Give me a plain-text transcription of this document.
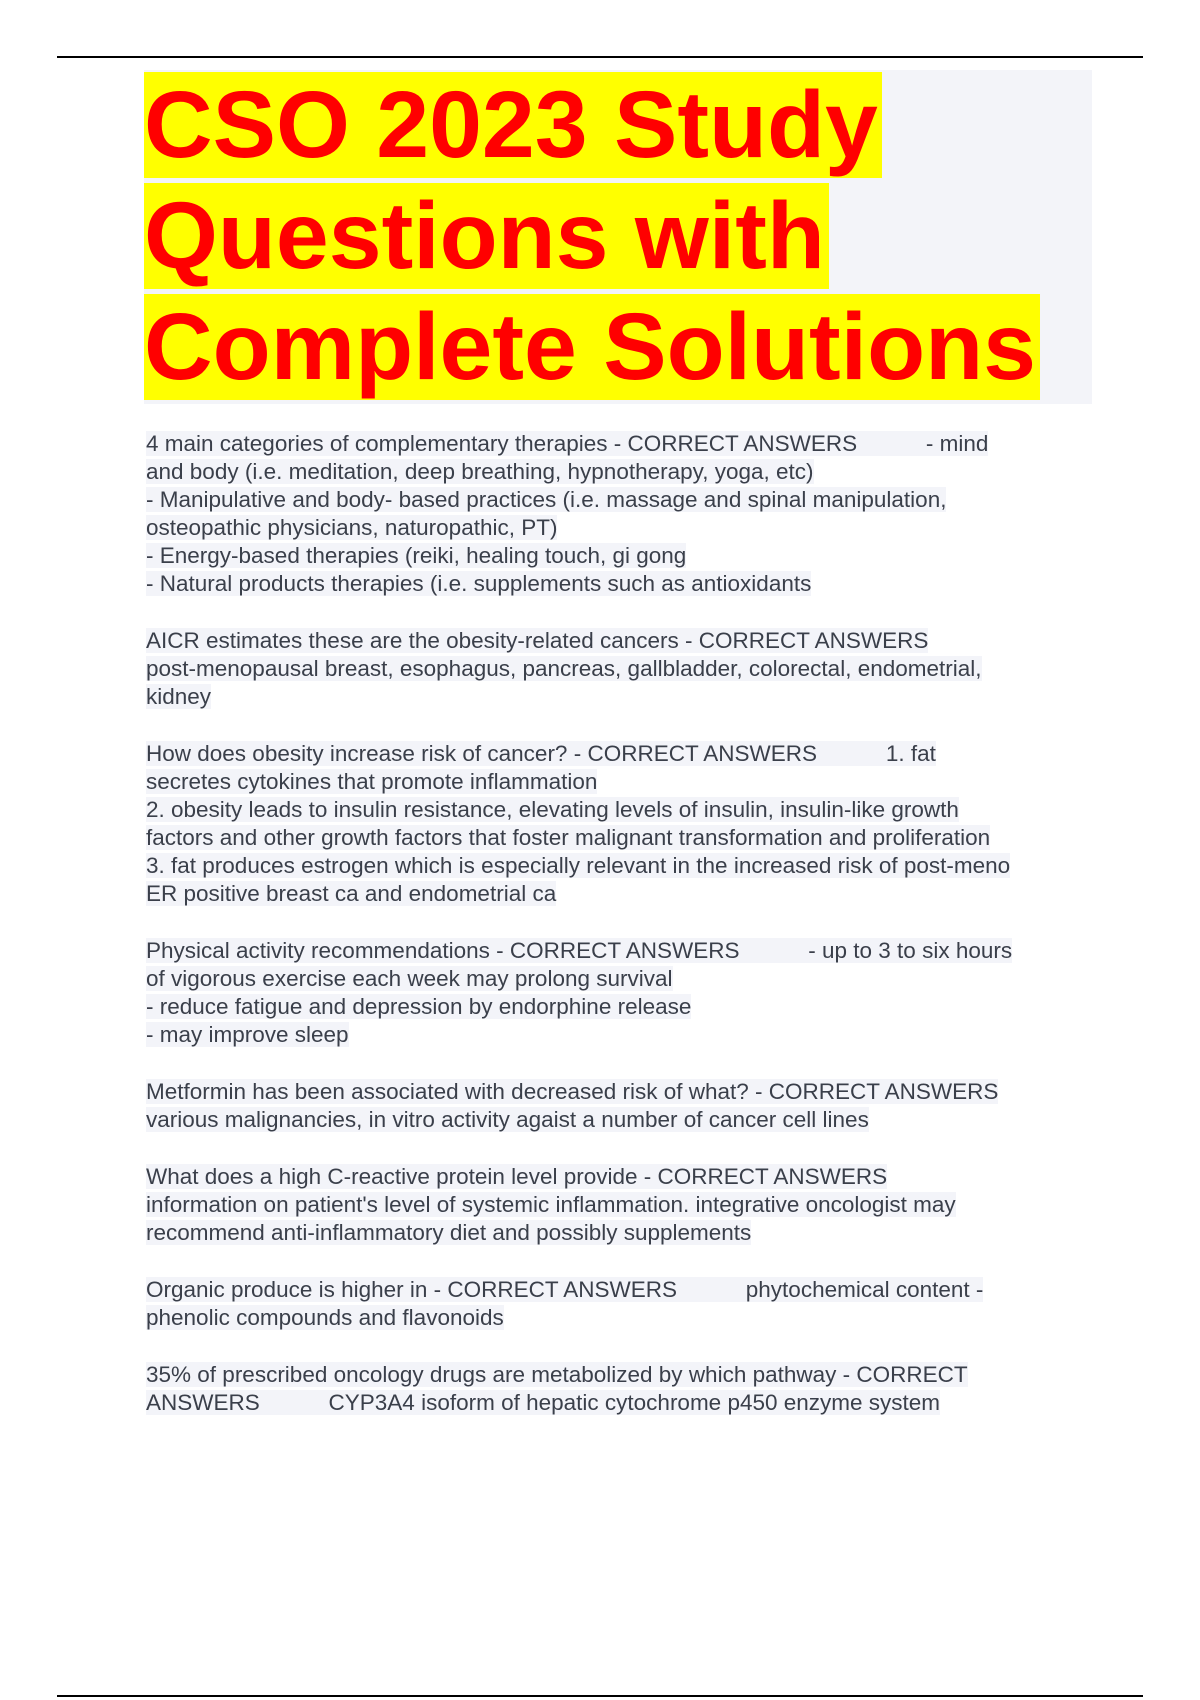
CSO 2023 Study
Questions with
Complete Solutions

4 main categories of complementary therapies - CORRECT ANSWERS           - mind
and body (i.e. meditation, deep breathing, hypnotherapy, yoga, etc)
- Manipulative and body- based practices (i.e. massage and spinal manipulation,
osteopathic physicians, naturopathic, PT)
- Energy-based therapies (reiki, healing touch, gi gong
- Natural products therapies (i.e. supplements such as antioxidants

AICR estimates these are the obesity-related cancers - CORRECT ANSWERS
post-menopausal breast, esophagus, pancreas, gallbladder, colorectal, endometrial,
kidney

How does obesity increase risk of cancer? - CORRECT ANSWERS           1. fat
secretes cytokines that promote inflammation
2. obesity leads to insulin resistance, elevating levels of insulin, insulin-like growth
factors and other growth factors that foster malignant transformation and proliferation
3. fat produces estrogen which is especially relevant in the increased risk of post-meno
ER positive breast ca and endometrial ca

Physical activity recommendations - CORRECT ANSWERS           - up to 3 to six hours
of vigorous exercise each week may prolong survival
- reduce fatigue and depression by endorphine release
- may improve sleep

Metformin has been associated with decreased risk of what? - CORRECT ANSWERS
various malignancies, in vitro activity agaist a number of cancer cell lines

What does a high C-reactive protein level provide - CORRECT ANSWERS
information on patient's level of systemic inflammation. integrative oncologist may
recommend anti-inflammatory diet and possibly supplements

Organic produce is higher in - CORRECT ANSWERS           phytochemical content -
phenolic compounds and flavonoids

35% of prescribed oncology drugs are metabolized by which pathway - CORRECT
ANSWERS           CYP3A4 isoform of hepatic cytochrome p450 enzyme system
